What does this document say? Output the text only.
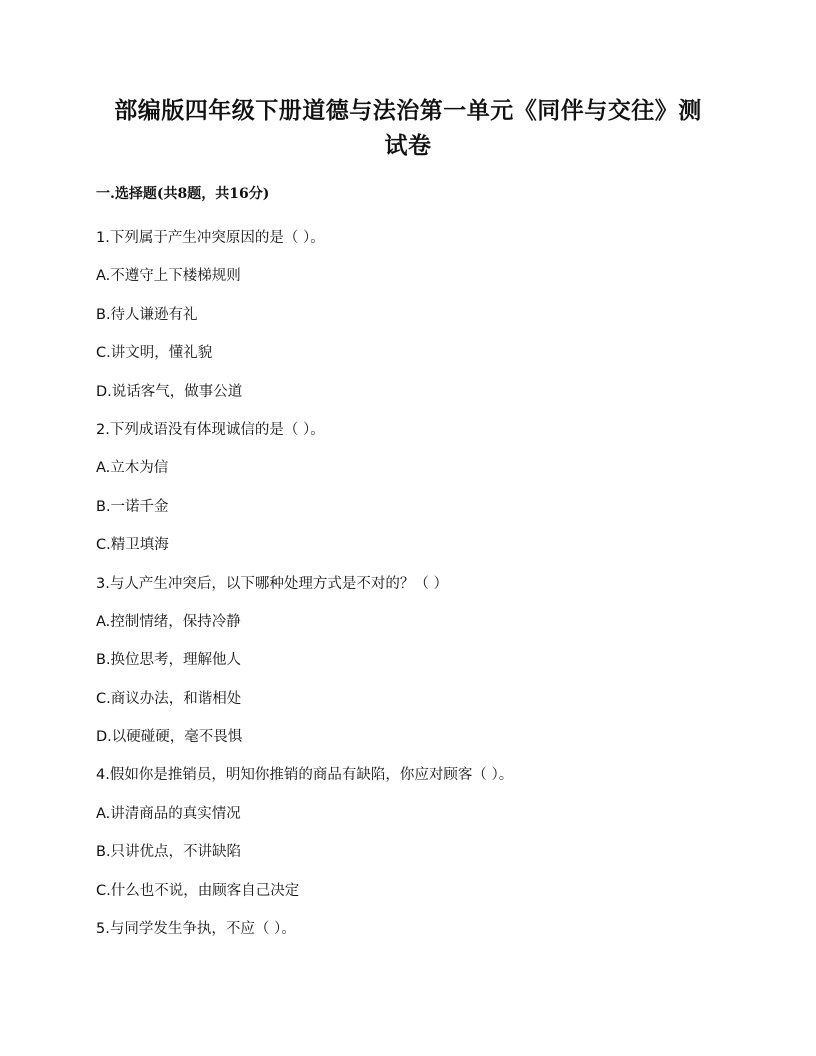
部编版四年级下册道德与法治第一单元《同伴与交往》测
试卷
一.选择题(共8题，共16分)
1.下列属于产生冲突原因的是（ ）。
A.不遵守上下楼梯规则
B.待人谦逊有礼
C.讲文明，懂礼貌
D.说话客气，做事公道
2.下列成语没有体现诚信的是（ ）。
A.立木为信
B.一诺千金
C.精卫填海
3.与人产生冲突后，以下哪种处理方式是不对的？（ ）
A.控制情绪，保持冷静
B.换位思考，理解他人
C.商议办法，和谐相处
D.以硬碰硬，毫不畏惧
4.假如你是推销员，明知你推销的商品有缺陷，你应对顾客（ ）。
A.讲清商品的真实情况
B.只讲优点，不讲缺陷
C.什么也不说，由顾客自己决定
5.与同学发生争执，不应（ ）。
